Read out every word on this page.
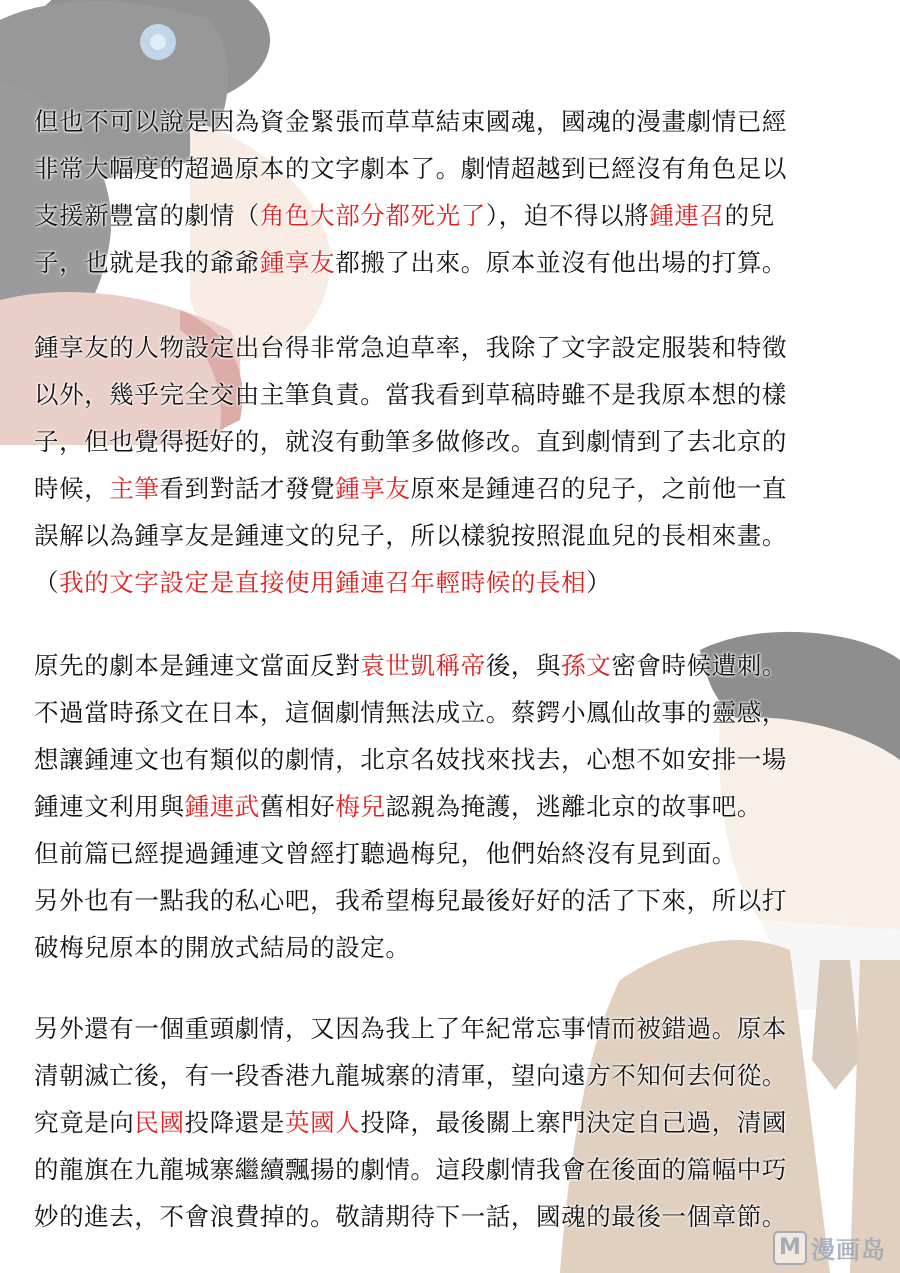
但也不可以說是因為資金緊張而草草結束國魂，國魂的漫畫劇情已經

非常大幅度的超過原本的文字劇本了。劇情超越到已經沒有角色足以

支援新豐富的劇情（角色大部分都死光了），迫不得以將鍾連召的兒

子，也就是我的爺爺鍾享友都搬了出來。原本並沒有他出場的打算。

鍾享友的人物設定出台得非常急迫草率，我除了文字設定服裝和特徵

以外，幾乎完全交由主筆負責。當我看到草稿時雖不是我原本想的樣

子，但也覺得挺好的，就沒有動筆多做修改。直到劇情到了去北京的

時候，主筆看到對話才發覺鍾享友原來是鍾連召的兒子，之前他一直

誤解以為鍾享友是鍾連文的兒子，所以樣貌按照混血兒的長相來畫。

（我的文字設定是直接使用鍾連召年輕時候的長相）

原先的劇本是鍾連文當面反對袁世凱稱帝後，與孫文密會時候遭刺。

不過當時孫文在日本，這個劇情無法成立。蔡鍔小鳳仙故事的靈感，

想讓鍾連文也有類似的劇情，北京名妓找來找去，心想不如安排一場

鍾連文利用與鍾連武舊相好梅兒認親為掩護，逃離北京的故事吧。

但前篇已經提過鍾連文曾經打聽過梅兒，他們始終沒有見到面。

另外也有一點我的私心吧，我希望梅兒最後好好的活了下來，所以打

破梅兒原本的開放式結局的設定。

另外還有一個重頭劇情，又因為我上了年紀常忘事情而被錯過。原本

清朝滅亡後，有一段香港九龍城寨的清軍，望向遠方不知何去何從。

究竟是向民國投降還是英國人投降，最後關上寨門決定自己過，清國

的龍旗在九龍城寨繼續飄揚的劇情。這段劇情我會在後面的篇幅中巧

妙的進去，不會浪費掉的。敬請期待下一話，國魂的最後一個章節。

M 漫画岛
